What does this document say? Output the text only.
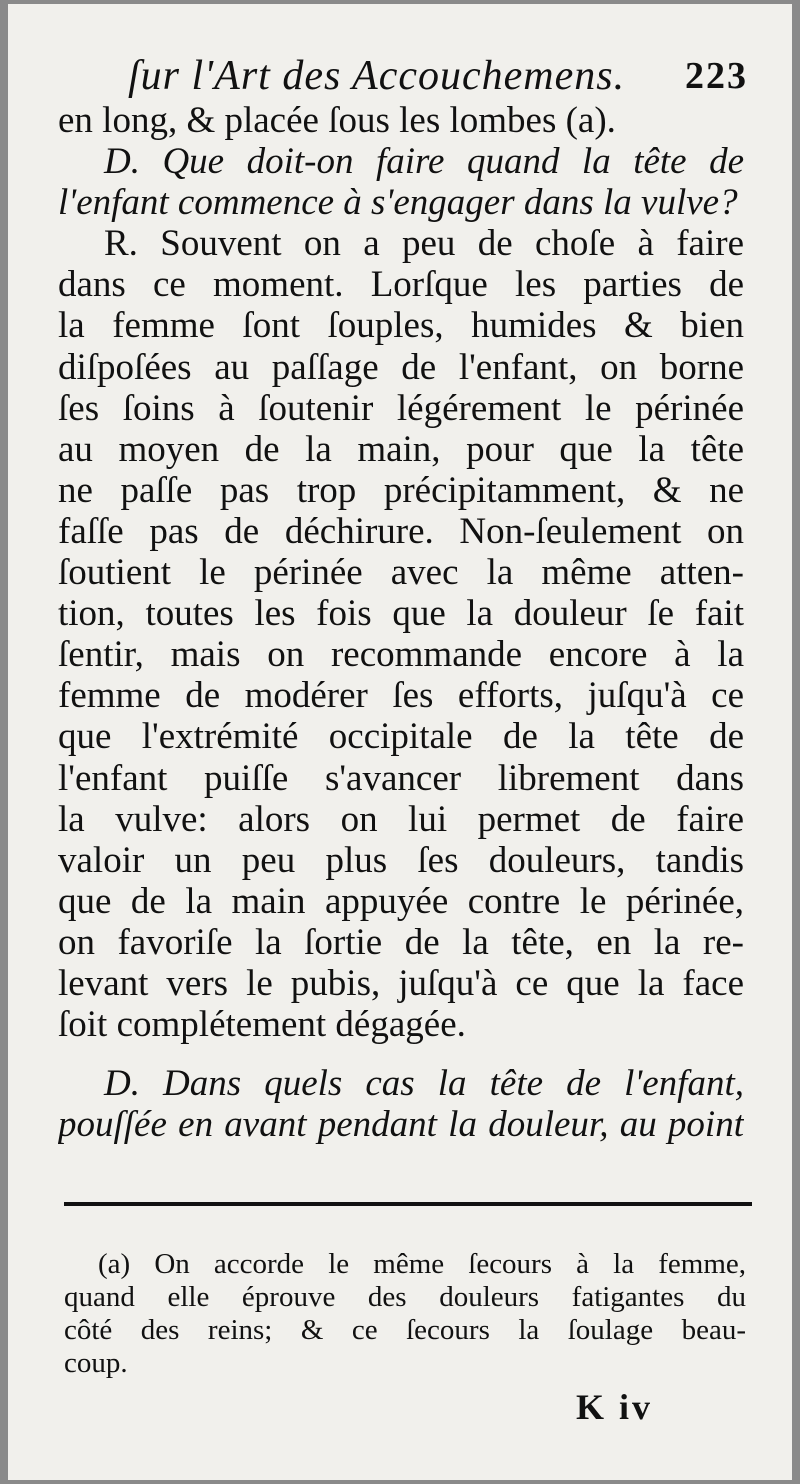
ſur l'Art des Accouchemens. 223
en long, & placée ſous les lombes (a).
D. Que doit-on faire quand la tête de
l'enfant commence à s'engager dans la vulve?
R. Souvent on a peu de choſe à faire
dans ce moment. Lorſque les parties de
la femme ſont ſouples, humides & bien
diſpoſées au paſſage de l'enfant, on borne
ſes ſoins à ſoutenir légérement le périnée
au moyen de la main, pour que la tête
ne paſſe pas trop précipitamment, & ne
faſſe pas de déchirure. Non-ſeulement on
ſoutient le périnée avec la même atten-
tion, toutes les fois que la douleur ſe fait
ſentir, mais on recommande encore à la
femme de modérer ſes efforts, juſqu'à ce
que l'extrémité occipitale de la tête de
l'enfant puiſſe s'avancer librement dans
la vulve: alors on lui permet de faire
valoir un peu plus ſes douleurs, tandis
que de la main appuyée contre le périnée,
on favoriſe la ſortie de la tête, en la re-
levant vers le pubis, juſqu'à ce que la face
ſoit complétement dégagée.
D. Dans quels cas la tête de l'enfant,
pouſſée en avant pendant la douleur, au point
(a) On accorde le même ſecours à la femme,
quand elle éprouve des douleurs fatigantes du
côté des reins; & ce ſecours la ſoulage beau-
coup.
K iv
